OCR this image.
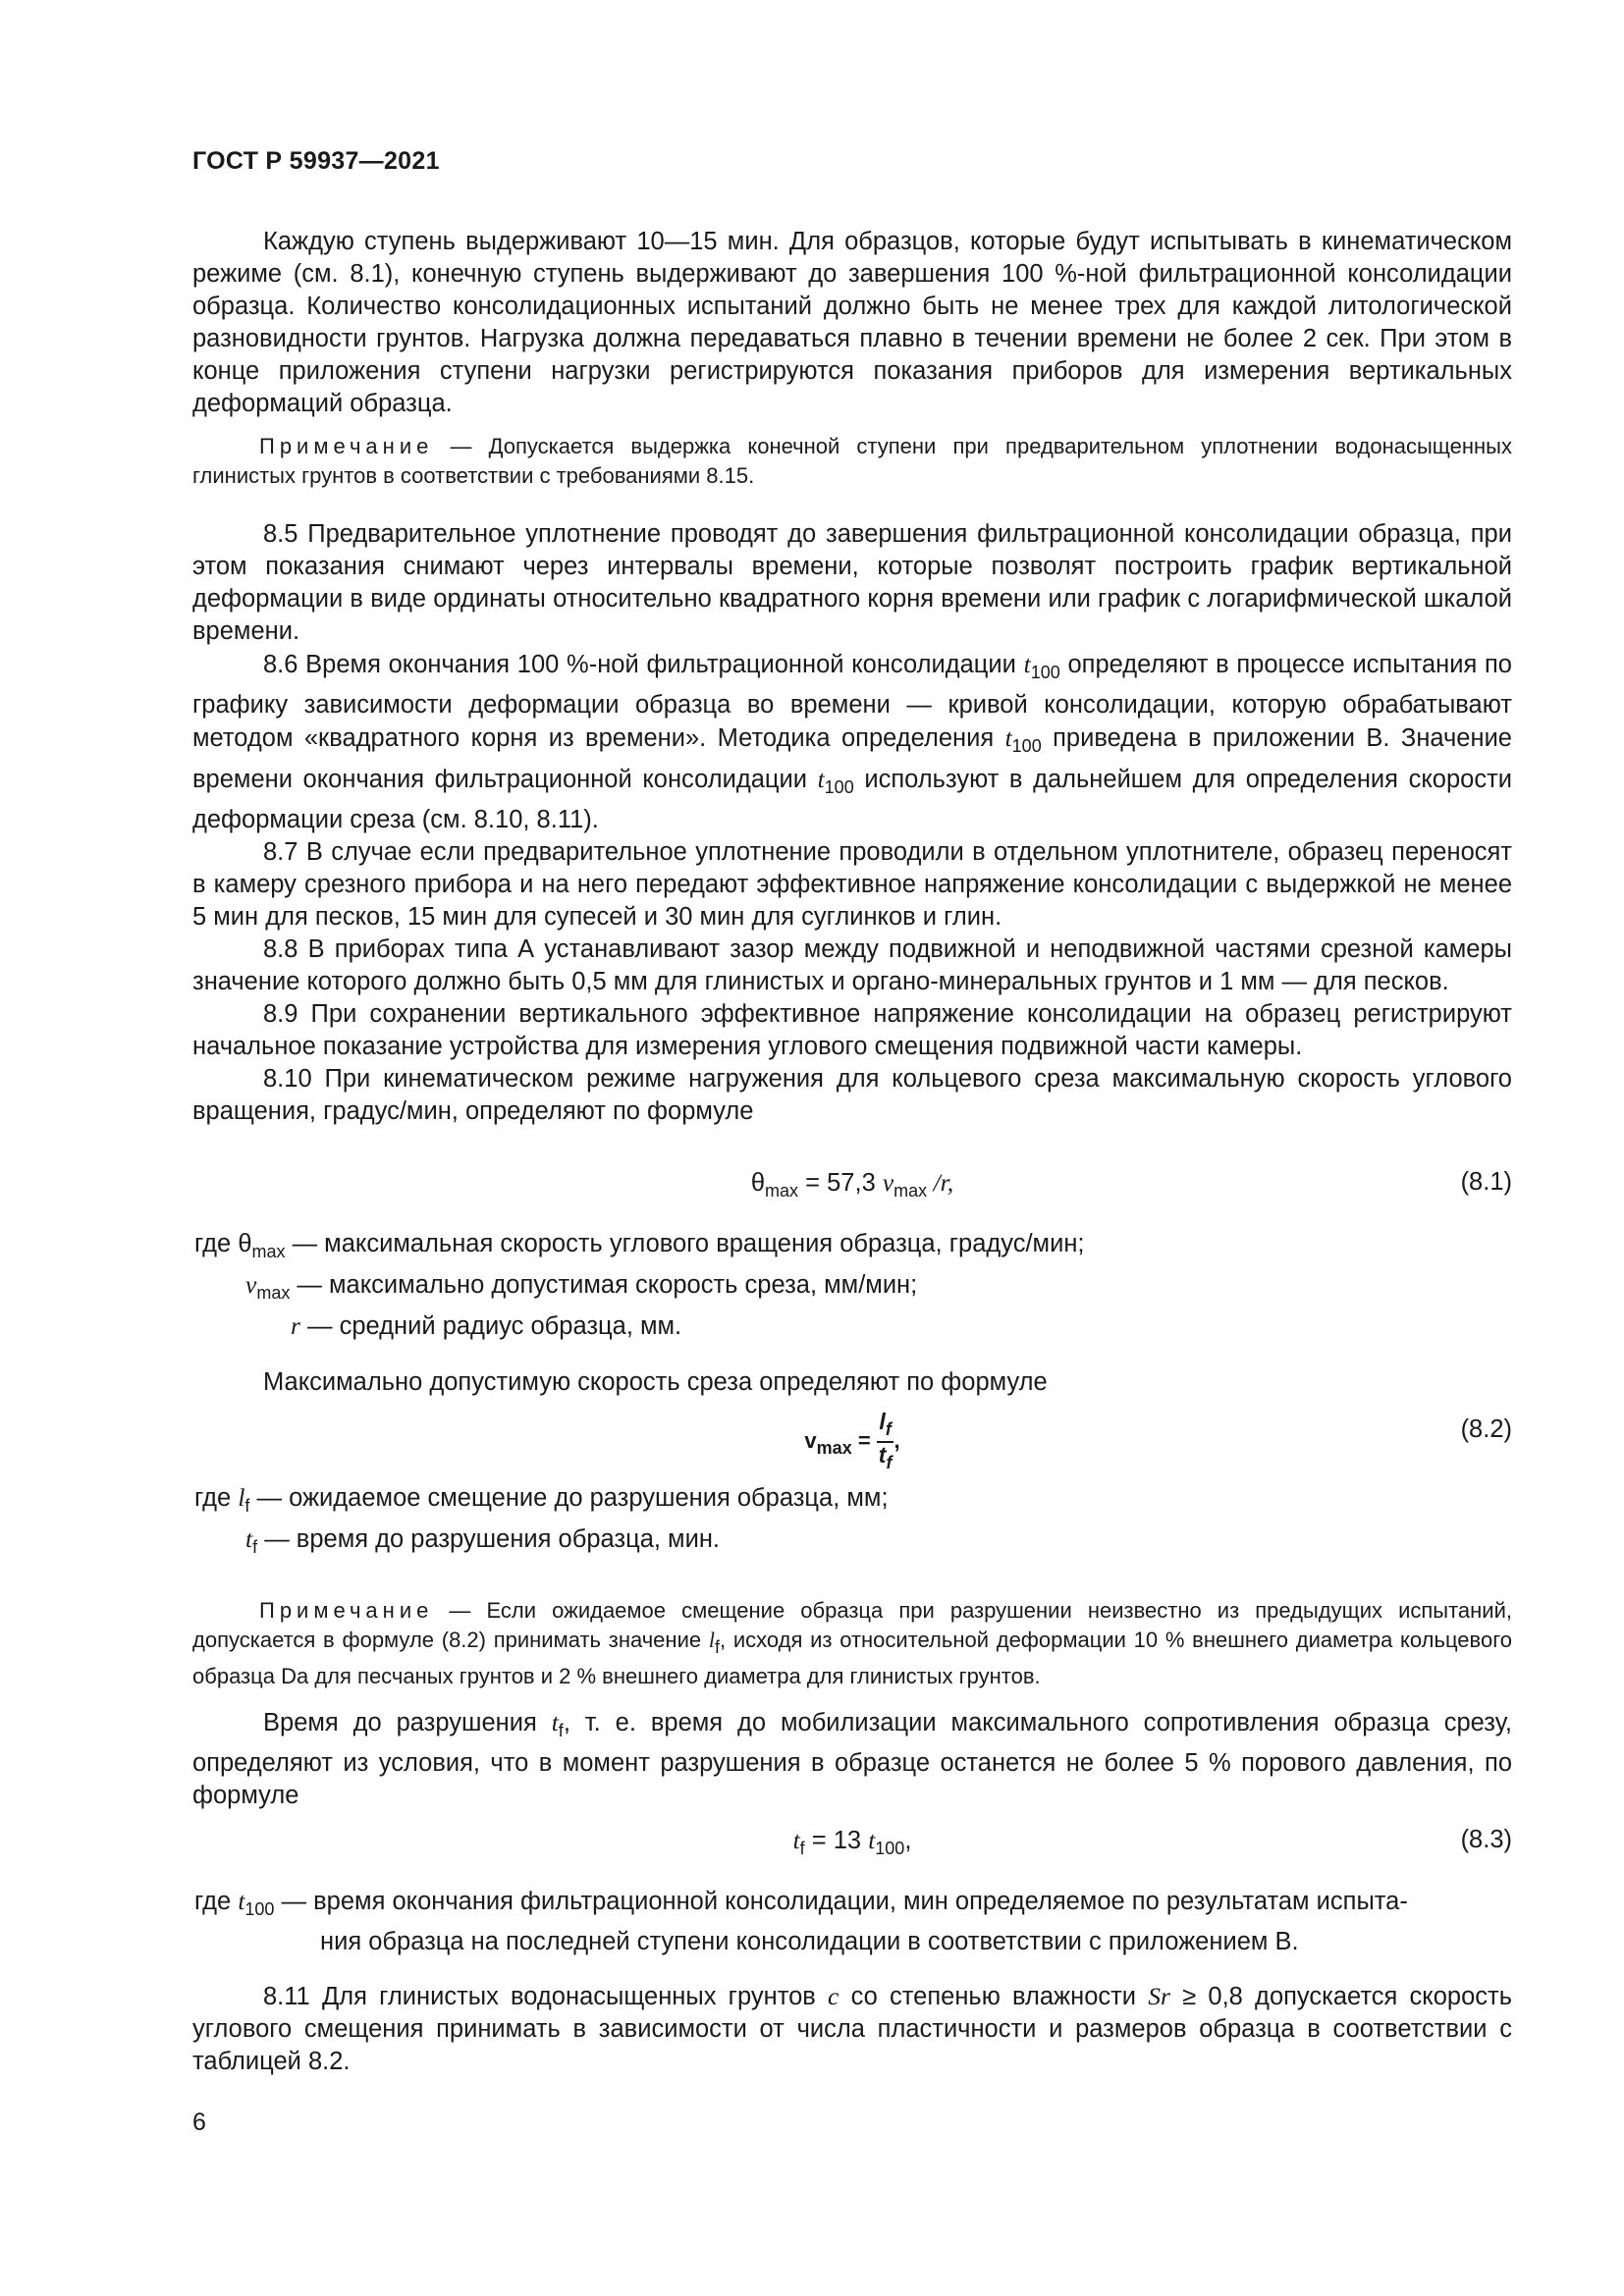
ГОСТ Р 59937—2021

Каждую ступень выдерживают 10—15 мин. Для образцов, которые будут испытывать в кинематическом режиме (см. 8.1), конечную ступень выдерживают до завершения 100 %-ной фильтрационной консолидации образца. Количество консолидационных испытаний должно быть не менее трех для каждой литологической разновидности грунтов. Нагрузка должна передаваться плавно в течении времени не более 2 сек. При этом в конце приложения ступени нагрузки регистрируются показания приборов для измерения вертикальных деформаций образца.

Примечание — Допускается выдержка конечной ступени при предварительном уплотнении водонасыщенных глинистых грунтов в соответствии с требованиями 8.15.

8.5 Предварительное уплотнение проводят до завершения фильтрационной консолидации образца, при этом показания снимают через интервалы времени, которые позволят построить график вертикальной деформации в виде ординаты относительно квадратного корня времени или график с логарифмической шкалой времени.

8.6 Время окончания 100 %-ной фильтрационной консолидации $t_{100}$ определяют в процессе испытания по графику зависимости деформации образца во времени — кривой консолидации, которую обрабатывают методом «квадратного корня из времени». Методика определения $t_{100}$ приведена в приложении В. Значение времени окончания фильтрационной консолидации $t_{100}$ используют в дальнейшем для определения скорости деформации среза (см. 8.10, 8.11).

8.7 В случае если предварительное уплотнение проводили в отдельном уплотнителе, образец переносят в камеру срезного прибора и на него передают эффективное напряжение консолидации с выдержкой не менее 5 мин для песков, 15 мин для супесей и 30 мин для суглинков и глин.

8.8 В приборах типа А устанавливают зазор между подвижной и неподвижной частями срезной камеры значение которого должно быть 0,5 мм для глинистых и органо-минеральных грунтов и 1 мм — для песков.

8.9 При сохранении вертикального эффективное напряжение консолидации на образец регистрируют начальное показание устройства для измерения углового смещения подвижной части камеры.

8.10 При кинематическом режиме нагружения для кольцевого среза максимальную скорость углового вращения, градус/мин, определяют по формуле

$\theta_{max} = 57,3$ $v_{max}$ /r,	(8.1)
где $\theta_{max}$ — максимальная скорость углового вращения образца, градус/мин;
$v_{max}$ — максимально допустимая скорость среза, мм/мин;
r — средний радиус образца, мм.

Максимально допустимую скорость среза определяют по формуле

$v_{max} = \frac{l_f}{t_f}$ ,	(8.2)
где $l_f$ — ожидаемое смещение до разрушения образца, мм;
$t_f$ — время до разрушения образца, мин.

Примечание — Если ожидаемое смещение образца при разрушении неизвестно из предыдущих испытаний, допускается в формуле (8.2) принимать значение $l_f$, исходя из относительной деформации 10 % внешнего диаметра кольцевого образца Da для песчаных грунтов и 2 % внешнего диаметра для глинистых грунтов.

Время до разрушения $t_f$, т. е. время до мобилизации максимального сопротивления образца срезу, определяют из условия, что в момент разрушения в образце останется не более 5 % порового давления, по формуле

$t_f = 13$ $t_{100}$,	(8.3)
где $t_{100}$ — время окончания фильтрационной консолидации, мин определяемое по результатам испыта-
ния образца на последней ступени консолидации в соответствии с приложением В.

8.11 Для глинистых водонасыщенных грунтов c со степенью влажности Sr ≥ 0,8 допускается скорость углового смещения принимать в зависимости от числа пластичности и размеров образца в соответствии с таблицей 8.2.

6
